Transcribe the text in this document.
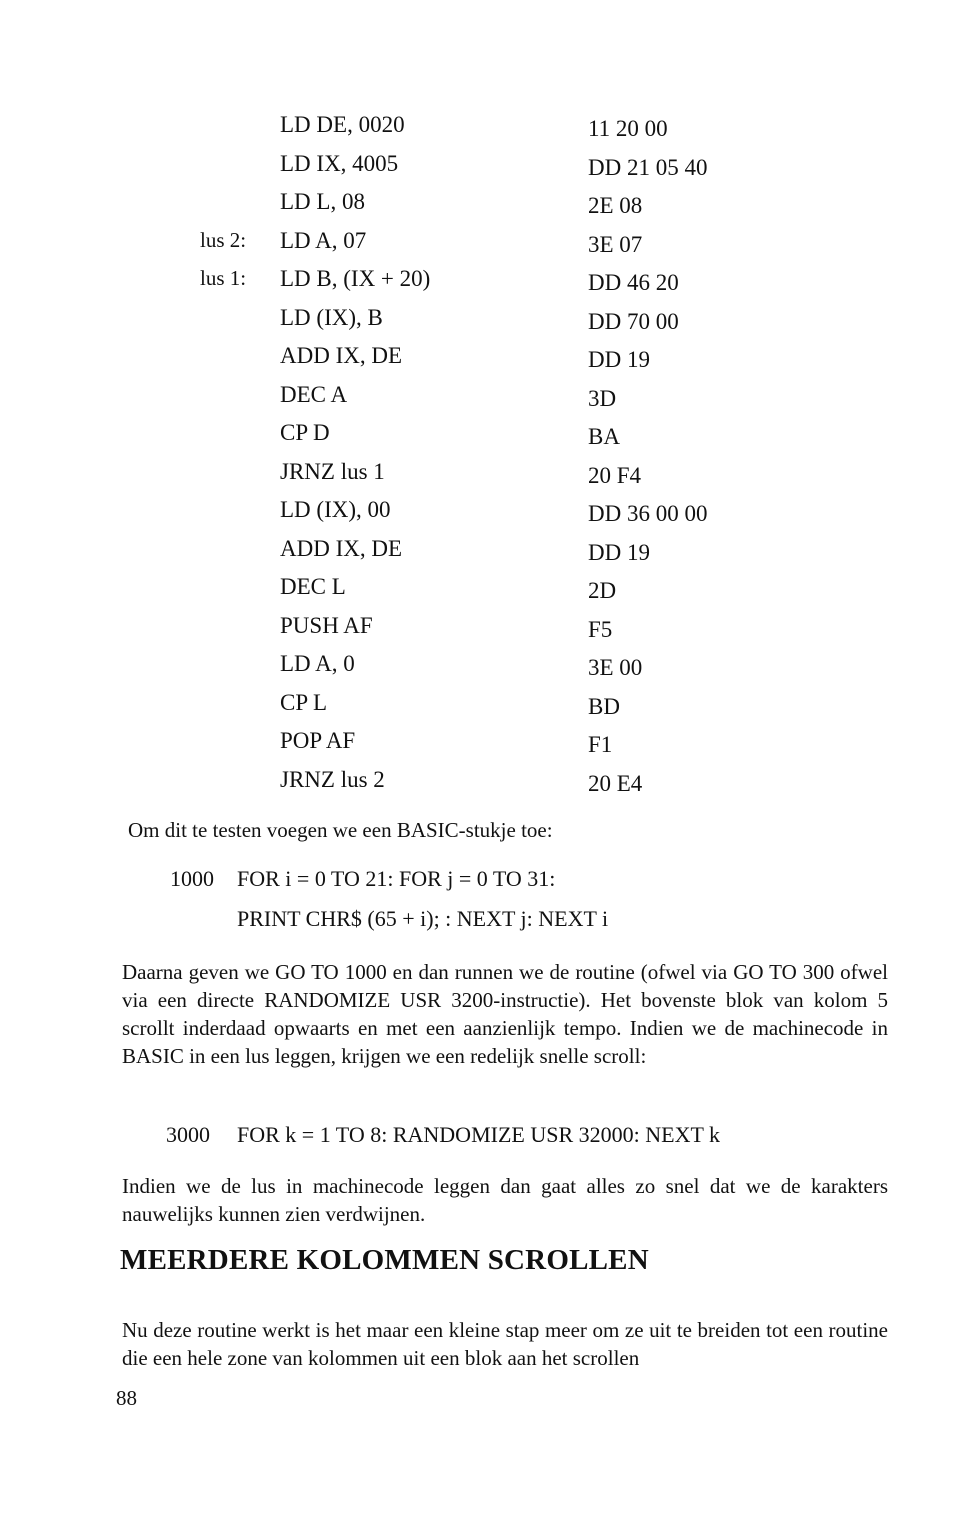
LD DE, 0020	11 20 00
LD IX, 4005	DD 21 05 40
LD L, 08	2E 08
lus 2: LD A, 07	3E 07
lus 1: LD B, (IX + 20)	DD 46 20
LD (IX), B	DD 70 00
ADD IX, DE	DD 19
DEC A	3D
CP D	BA
JRNZ lus 1	20 F4
LD (IX), 00	DD 36 00 00
ADD IX, DE	DD 19
DEC L	2D
PUSH AF	F5
LD A, 0	3E 00
CP L	BD
POP AF	F1
JRNZ lus 2	20 E4
Om dit te testen voegen we een BASIC-stukje toe:
1000 FOR i = 0 TO 21: FOR j = 0 TO 31:
PRINT CHR$ (65 + i); : NEXT j: NEXT i
Daarna geven we GO TO 1000 en dan runnen we de routine (ofwel via GO TO 300 ofwel via een directe RANDOMIZE USR 3200-instructie). Het bovenste blok van kolom 5 scrollt inderdaad opwaarts en met een aanzienlijk tempo. Indien we de machinecode in BASIC in een lus leggen, krijgen we een redelijk snelle scroll:
3000 FOR k = 1 TO 8: RANDOMIZE USR 32000: NEXT k
Indien we de lus in machinecode leggen dan gaat alles zo snel dat we de karakters nauwelijks kunnen zien verdwijnen.
MEERDERE KOLOMMEN SCROLLEN
Nu deze routine werkt is het maar een kleine stap meer om ze uit te breiden tot een routine die een hele zone van kolommen uit een blok aan het scrollen
88
